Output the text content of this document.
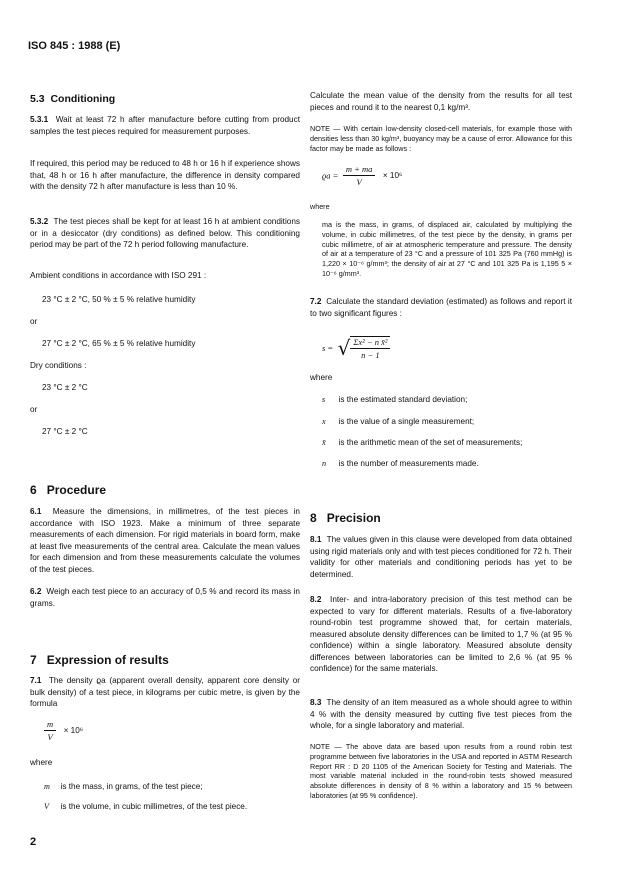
ISO 845 : 1988 (E)
5.3 Conditioning
5.3.1 Wait at least 72 h after manufacture before cutting from product samples the test pieces required for measurement purposes.
If required, this period may be reduced to 48 h or 16 h if experience shows that, 48 h or 16 h after manufacture, the difference in density compared with the density 72 h after manufacture is less than 10 %.
5.3.2 The test pieces shall be kept for at least 16 h at ambient conditions or in a desiccator (dry conditions) as defined below. This conditioning period may be part of the 72 h period following manufacture.
Ambient conditions in accordance with ISO 291 :
23 °C ± 2 °C, 50 % ± 5 % relative humidity
or
27 °C ± 2 °C, 65 % ± 5 % relative humidity
Dry conditions :
23 °C ± 2 °C
or
27 °C ± 2 °C
6 Procedure
6.1 Measure the dimensions, in millimetres, of the test pieces in accordance with ISO 1923. Make a minimum of three separate measurements of each dimension. For rigid materials in board form, make at least five measurements of the central area. Calculate the mean values for each dimension and from these measurements calculate the volumes of the test pieces.
6.2 Weigh each test piece to an accuracy of 0,5 % and record its mass in grams.
7 Expression of results
7.1 The density ϱa (apparent overall density, apparent core density or bulk density) of a test piece, in kilograms per cubic metre, is given by the formula
$\frac{m}{V} \times 10^6$
where
m is the mass, in grams, of the test piece;
V is the volume, in cubic millimetres, of the test piece.
Calculate the mean value of the density from the results for all test pieces and round it to the nearest 0,1 kg/m³.
NOTE — With certain low-density closed-cell materials, for example those with densities less than 30 kg/m³, buoyancy may be a cause of error. Allowance for this factor may be made as follows :
$ϱa = \frac{m + ma}{V} \times 10^6$
where
ma is the mass, in grams, of displaced air, calculated by multiplying the volume, in cubic millimetres, of the test piece by the density, in grams per cubic millimetre, of air at atmospheric temperature and pressure. The density of air at a temperature of 23 °C and a pressure of 101 325 Pa (760 mmHg) is 1,220 × 10⁻⁶ g/mm³; the density of air at 27 °C and 101 325 Pa is 1,195 5 × 10⁻⁶ g/mm³.
7.2 Calculate the standard deviation (estimated) as follows and report it to two significant figures :
s = √ $\frac{\text{Σx² − n x̄²}}{n - 1}$
where
s is the estimated standard deviation;
x is the value of a single measurement;
x̄ is the arithmetic mean of the set of measurements;
n is the number of measurements made.
8 Precision
8.1 The values given in this clause were developed from data obtained using rigid materials only and with test pieces conditioned for 72 h. Their validity for other materials and conditioning periods has yet to be determined.
8.2 Inter- and intra-laboratory precision of this test method can be expected to vary for different materials. Results of a five-laboratory round-robin test programme showed that, for certain materials, measured absolute density differences can be limited to 1,7 % (at 95 % confidence) within a single laboratory. Measured absolute density differences between laboratories can be limited to 2,6 % (at 95 % confidence) for the same materials.
8.3 The density of an item measured as a whole should agree to within 4 % with the density measured by cutting five test pieces from the whole, for a single laboratory and material.
NOTE — The above data are based upon results from a round robin test programme between five laboratories in the USA and reported in ASTM Research Report RR : D 20 1105 of the American Society for Testing and Materials. The most variable material included in the round-robin tests showed measured absolute differences in density of 8 % within a laboratory and 15 % between laboratories (at 95 % confidence).
2
